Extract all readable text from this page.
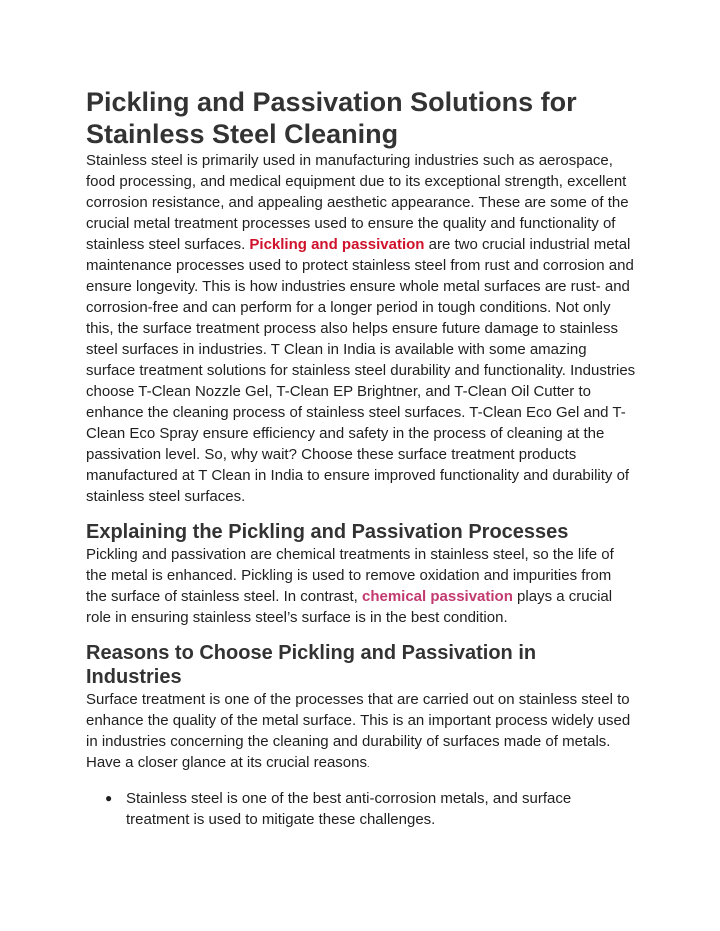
Pickling and Passivation Solutions for Stainless Steel Cleaning

Stainless steel is primarily used in manufacturing industries such as aerospace, food processing, and medical equipment due to its exceptional strength, excellent corrosion resistance, and appealing aesthetic appearance. These are some of the crucial metal treatment processes used to ensure the quality and functionality of stainless steel surfaces. Pickling and passivation are two crucial industrial metal maintenance processes used to protect stainless steel from rust and corrosion and ensure longevity. This is how industries ensure whole metal surfaces are rust- and corrosion-free and can perform for a longer period in tough conditions. Not only this, the surface treatment process also helps ensure future damage to stainless steel surfaces in industries. T Clean in India is available with some amazing surface treatment solutions for stainless steel durability and functionality. Industries choose T-Clean Nozzle Gel, T-Clean EP Brightner, and T-Clean Oil Cutter to enhance the cleaning process of stainless steel surfaces. T-Clean Eco Gel and T-Clean Eco Spray ensure efficiency and safety in the process of cleaning at the passivation level. So, why wait? Choose these surface treatment products manufactured at T Clean in India to ensure improved functionality and durability of stainless steel surfaces.

Explaining the Pickling and Passivation Processes

Pickling and passivation are chemical treatments in stainless steel, so the life of the metal is enhanced. Pickling is used to remove oxidation and impurities from the surface of stainless steel. In contrast, chemical passivation plays a crucial role in ensuring stainless steel’s surface is in the best condition.

Reasons to Choose Pickling and Passivation in Industries

Surface treatment is one of the processes that are carried out on stainless steel to enhance the quality of the metal surface. This is an important process widely used in industries concerning the cleaning and durability of surfaces made of metals. Have a closer glance at its crucial reasons.

● Stainless steel is one of the best anti-corrosion metals, and surface treatment is used to mitigate these challenges.
